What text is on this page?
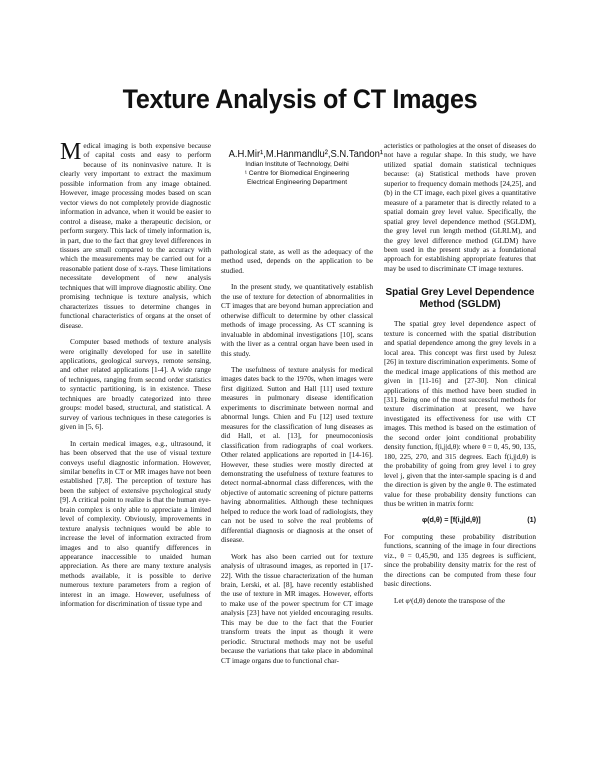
Texture Analysis of CT Images

Medical imaging is both expensive because of capital costs and easy to perform because of its noninvasive nature. It is clearly very important to extract the maximum possible information from any image obtained. However, image processing modes based on scan vector views do not completely provide diagnostic information in advance, when it would be easier to control a disease, make a therapeutic decision, or perform surgery. This lack of timely information is, in part, due to the fact that grey level differences in tissues are small compared to the accuracy with which the measurements may be carried out for a reasonable patient dose of x-rays. These limitations necessitate development of new analysis techniques that will improve diagnostic ability. One promising technique is texture analysis, which characterizes tissues to determine changes in functional characteristics of organs at the onset of disease.

Computer based methods of texture analysis were originally developed for use in satellite applications, geological surveys, remote sensing, and other related applications [1-4]. A wide range of techniques, ranging from second order statistics to syntactic partitioning, is in existence. These techniques are broadly categorized into three groups: model based, structural, and statistical. A survey of various techniques in these categories is given in [5, 6].

In certain medical images, e.g., ultrasound, it has been observed that the use of visual texture conveys useful diagnostic information. However, similar benefits in CT or MR images have not been established [7,8]. The perception of texture has been the subject of extensive psychological study [9]. A critical point to realize is that the human eye-brain complex is only able to appreciate a limited level of complexity. Obviously, improvements in texture analysis techniques would be able to increase the level of information extracted from images and to also quantify differences in appearance inaccessible to unaided human appreciation. As there are many texture analysis methods available, it is possible to derive numerous texture parameters from a region of interest in an image. However, usefulness of information for discrimination of tissue type and

A.H.Mir¹,M.Hanmandlu²,S.N.Tandon¹
Indian Institute of Technology, Delhi
¹ Centre for Biomedical Engineering
Electrical Engineering Department

pathological state, as well as the adequacy of the method used, depends on the application to be studied.

In the present study, we quantitatively establish the use of texture for detection of abnormalities in CT images that are beyond human appreciation and otherwise difficult to determine by other classical methods of image processing. As CT scanning is invaluable in abdominal investigations [10], scans with the liver as a central organ have been used in this study.

The usefulness of texture analysis for medical images dates back to the 1970s, when images were first digitized. Sutton and Hall [11] used texture measures in pulmonary disease identification experiments to discriminate between normal and abnormal lungs. Chien and Fu [12] used texture measures for the classification of lung diseases as did Hall, et al. [13], for pneumoconiosis classification from radiographs of coal workers. Other related applications are reported in [14-16]. However, these studies were mostly directed at demonstrating the usefulness of texture features to detect normal-abnormal class differences, with the objective of automatic screening of picture patterns having abnormalities. Although these techniques helped to reduce the work load of radiologists, they can not be used to solve the real problems of differential diagnosis or diagnosis at the onset of disease.

Work has also been carried out for texture analysis of ultrasound images, as reported in [17-22]. With the tissue characterization of the human brain, Lerski, et al. [8], have recently established the use of texture in MR images. However, efforts to make use of the power spectrum for CT image analysis [23] have not yielded encouraging results. This may be due to the fact that the Fourier transform treats the input as though it were periodic. Structural methods may not be useful because the variations that take place in abdominal CT image organs due to functional char-

acteristics or pathologies at the onset of diseases do not have a regular shape. In this study, we have utilized spatial domain statistical techniques because: (a) Statistical methods have proven superior to frequency domain methods [24,25], and (b) in the CT image, each pixel gives a quantitative measure of a parameter that is directly related to a spatial domain grey level value. Specifically, the spatial grey level dependence method (SGLDM), the grey level run length method (GLRLM), and the grey level difference method (GLDM) have been used in the present study as a foundational approach for establishing appropriate features that may be used to discriminate CT image textures.

Spatial Grey Level Dependence
Method (SGLDM)

The spatial grey level dependence aspect of texture is concerned with the spatial distribution and spatial dependence among the grey levels in a local area. This concept was first used by Julesz [26] in texture discrimination experiments. Some of the medical image applications of this method are given in [11-16] and [27-30]. Non clinical applications of this method have been studied in [31]. Being one of the most successful methods for texture discrimination at present, we have investigated its effectiveness for use with CT images. This method is based on the estimation of the second order joint conditional probability density function, f(i,j|d,θ): where θ = 0, 45, 90, 135, 180, 225, 270, and 315 degrees. Each f(i,j|d,θ) is the probability of going from grey level i to grey level j, given that the inter-sample spacing is d and the direction is given by the angle θ. The estimated value for these probability density functions can thus be written in matrix form:

φ(d,θ) = [f(i,j|d,θ)]	(1)

For computing these probability distribution functions, scanning of the image in four directions viz., θ = 0,45,90, and 135 degrees is sufficient, since the probability density matrix for the rest of the directions can be computed from these four basic directions.

Let φᵗ(d,θ) denote the transpose of the
